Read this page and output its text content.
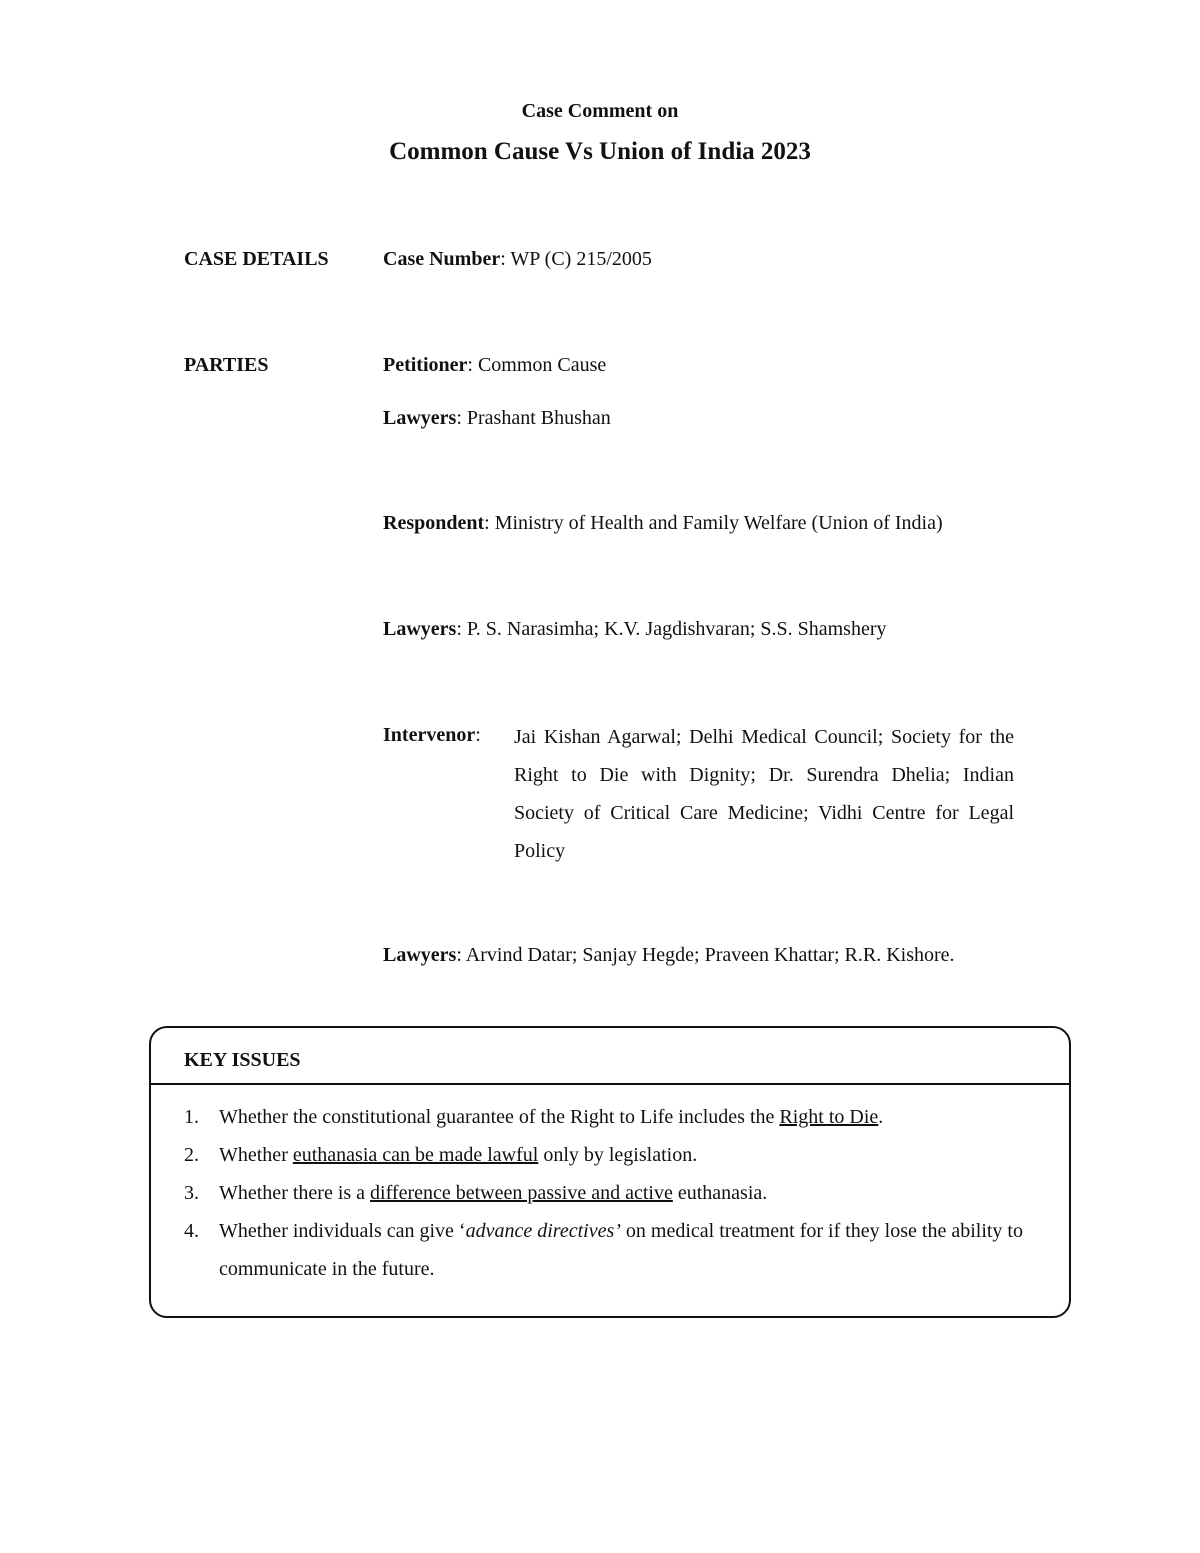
Case Comment on
Common Cause Vs Union of India 2023
CASE DETAILS	Case Number: WP (C) 215/2005
PARTIES	Petitioner: Common Cause
Lawyers: Prashant Bhushan
Respondent: Ministry of Health and Family Welfare (Union of India)
Lawyers: P. S. Narasimha; K.V. Jagdishvaran; S.S. Shamshery
Intervenor: Jai Kishan Agarwal; Delhi Medical Council; Society for the Right to Die with Dignity; Dr. Surendra Dhelia; Indian Society of Critical Care Medicine; Vidhi Centre for Legal Policy
Lawyers: Arvind Datar; Sanjay Hegde; Praveen Khattar; R.R. Kishore.
KEY ISSUES
1. Whether the constitutional guarantee of the Right to Life includes the Right to Die.
2. Whether euthanasia can be made lawful only by legislation.
3. Whether there is a difference between passive and active euthanasia.
4. Whether individuals can give ‘advance directives’ on medical treatment for if they lose the ability to communicate in the future.
